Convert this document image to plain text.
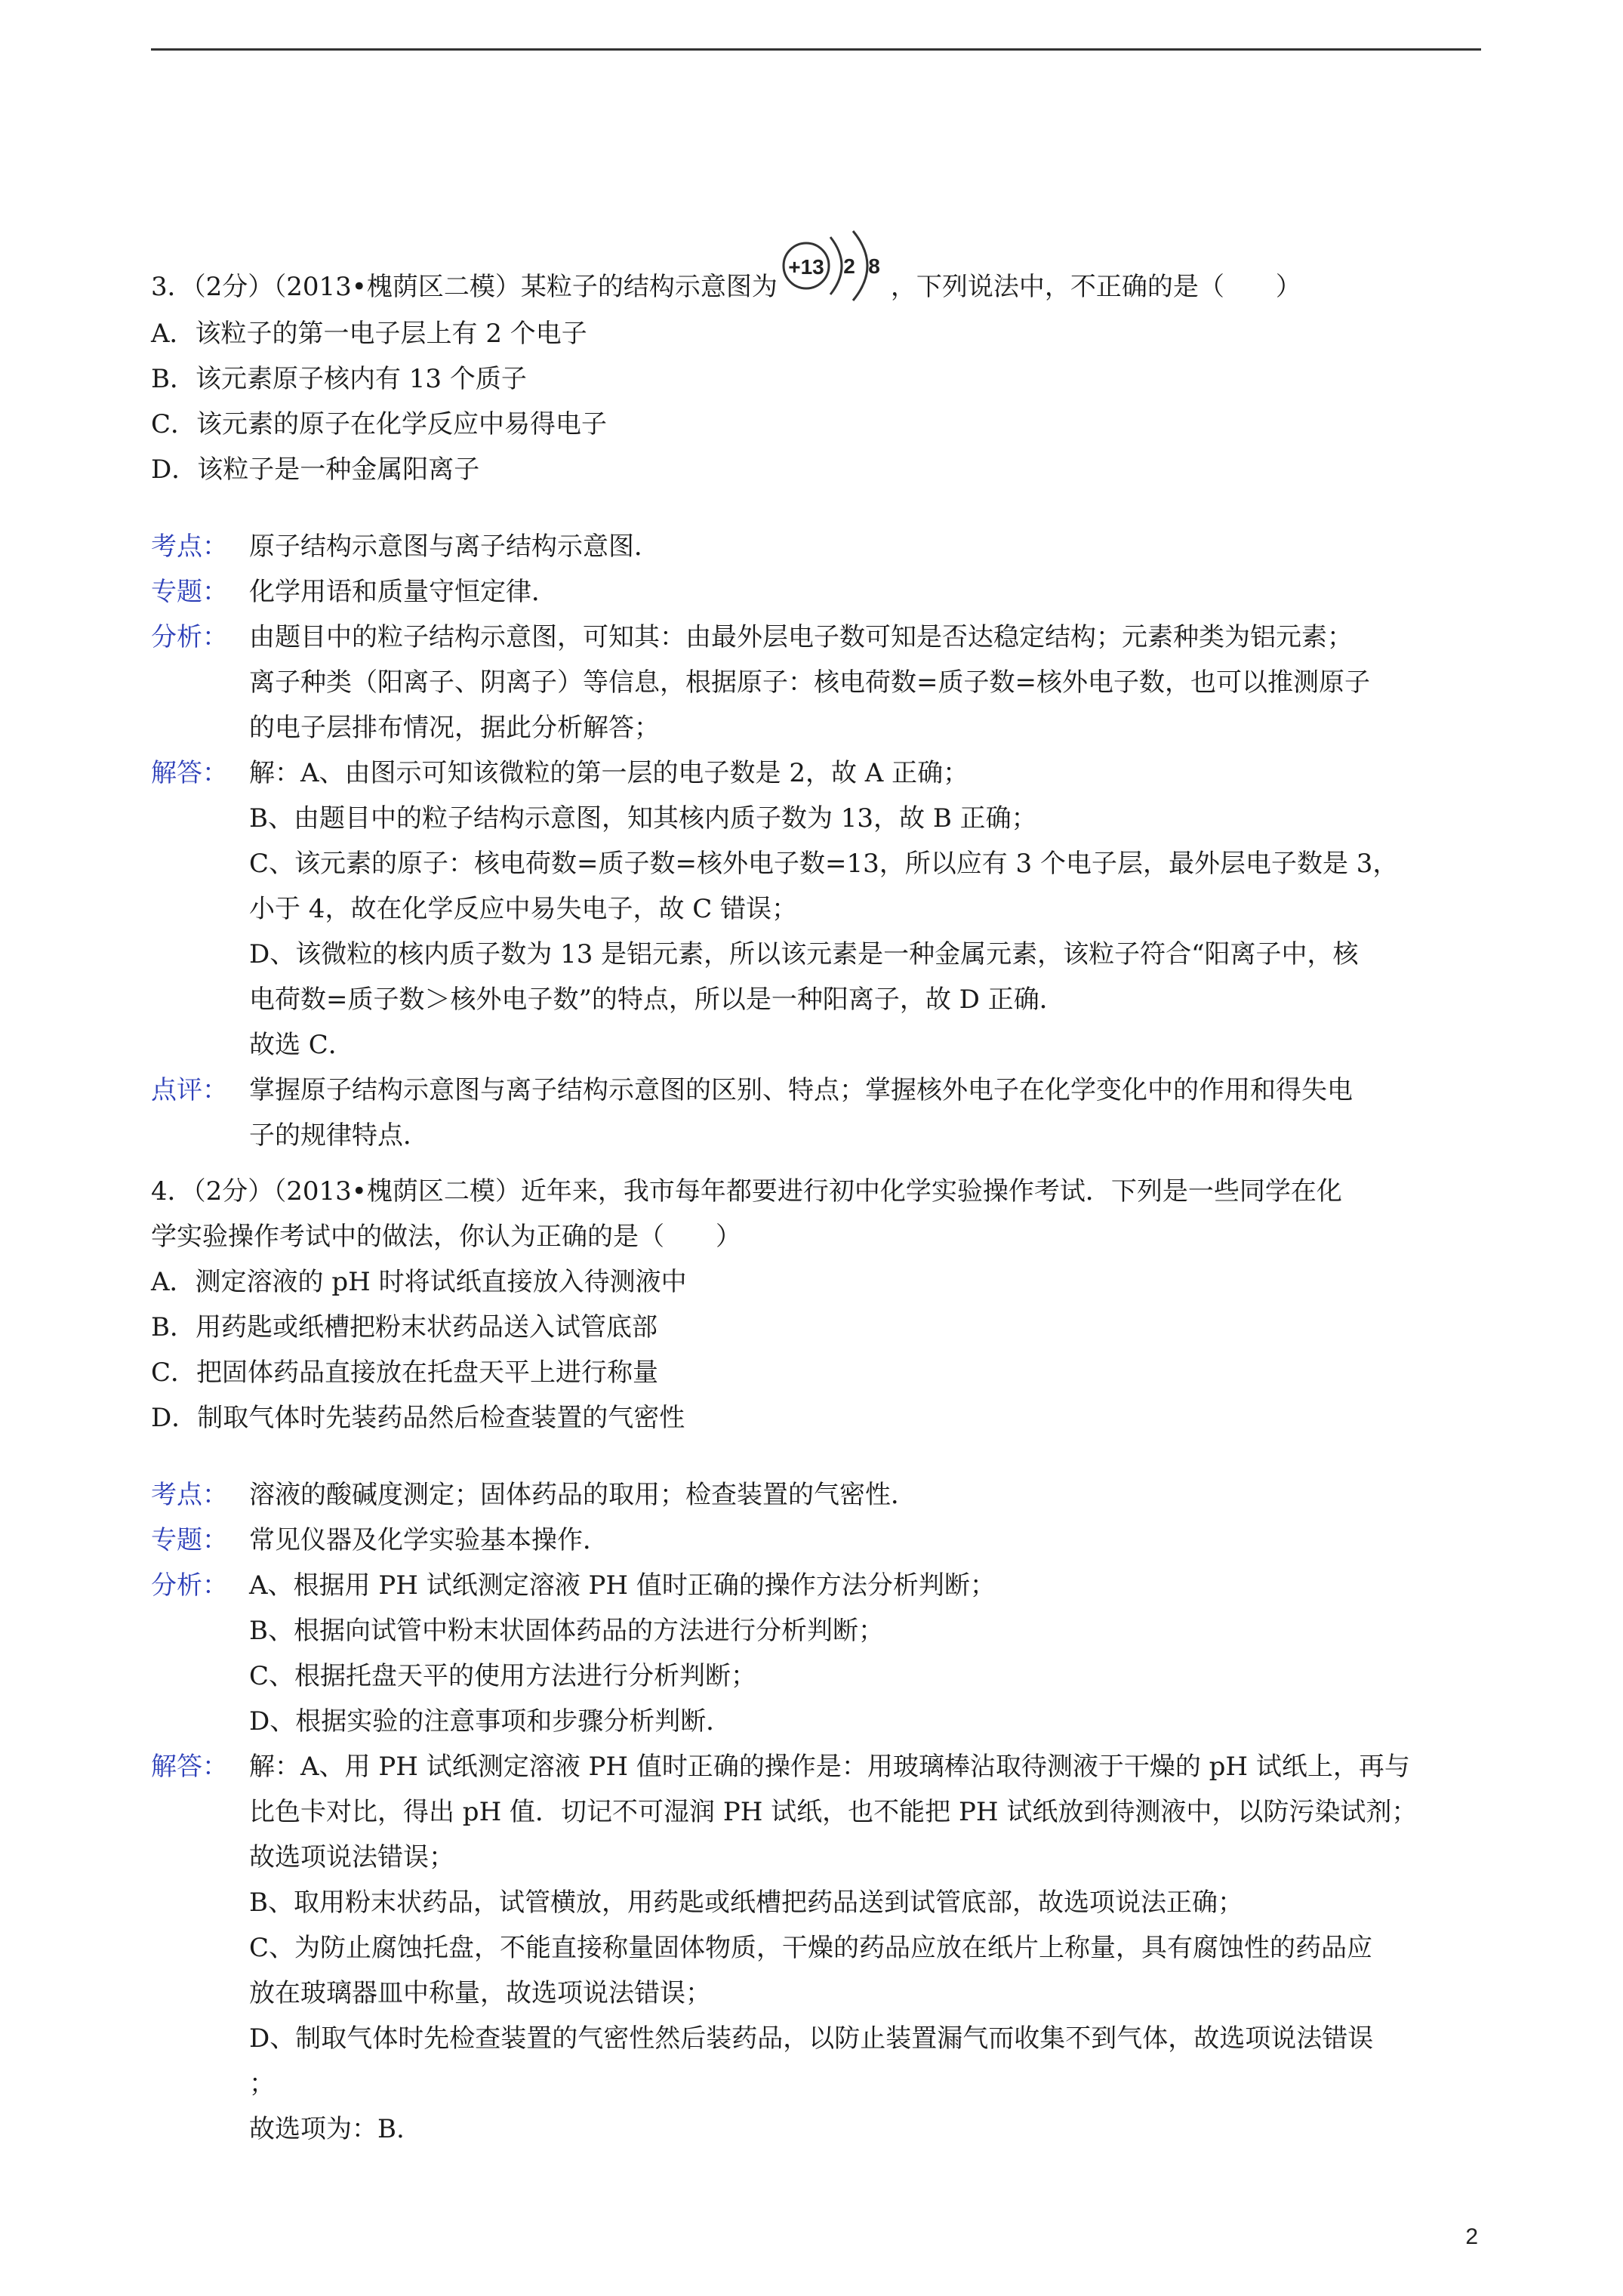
3．（2分）（2013•槐荫区二模）某粒子的结构示意图为
+13 2 8
，下列说法中，不正确的是（　　）
A．该粒子的第一电子层上有 2 个电子
B．该元素原子核内有 13 个质子
C．该元素的原子在化学反应中易得电子
D．该粒子是一种金属阳离子
考点： 原子结构示意图与离子结构示意图．
专题： 化学用语和质量守恒定律．
分析： 由题目中的粒子结构示意图，可知其：由最外层电子数可知是否达稳定结构；元素种类为铝元素；
离子种类（阳离子、阴离子）等信息，根据原子：核电荷数=质子数=核外电子数，也可以推测原子
的电子层排布情况，据此分析解答；
解答： 解：A、由图示可知该微粒的第一层的电子数是 2，故 A 正确；
B、由题目中的粒子结构示意图，知其核内质子数为 13，故 B 正确；
C、该元素的原子：核电荷数=质子数=核外电子数=13，所以应有 3 个电子层，最外层电子数是 3，
小于 4，故在化学反应中易失电子，故 C 错误；
D、该微粒的核内质子数为 13 是铝元素，所以该元素是一种金属元素，该粒子符合“阳离子中，核
电荷数=质子数＞核外电子数”的特点，所以是一种阳离子，故 D 正确．
故选 C．
点评： 掌握原子结构示意图与离子结构示意图的区别、特点；掌握核外电子在化学变化中的作用和得失电
子的规律特点．
4．（2分）（2013•槐荫区二模）近年来，我市每年都要进行初中化学实验操作考试．下列是一些同学在化
学实验操作考试中的做法，你认为正确的是（　　）
A．测定溶液的 pH 时将试纸直接放入待测液中
B．用药匙或纸槽把粉末状药品送入试管底部
C．把固体药品直接放在托盘天平上进行称量
D．制取气体时先装药品然后检查装置的气密性
考点： 溶液的酸碱度测定；固体药品的取用；检查装置的气密性．
专题： 常见仪器及化学实验基本操作．
分析： A、根据用 PH 试纸测定溶液 PH 值时正确的操作方法分析判断；
B、根据向试管中粉末状固体药品的方法进行分析判断；
C、根据托盘天平的使用方法进行分析判断；
D、根据实验的注意事项和步骤分析判断．
解答： 解：A、用 PH 试纸测定溶液 PH 值时正确的操作是：用玻璃棒沾取待测液于干燥的 pH 试纸上，再与
比色卡对比，得出 pH 值．切记不可湿润 PH 试纸，也不能把 PH 试纸放到待测液中，以防污染试剂；
故选项说法错误；
B、取用粉末状药品，试管横放，用药匙或纸槽把药品送到试管底部，故选项说法正确；
C、为防止腐蚀托盘，不能直接称量固体物质，干燥的药品应放在纸片上称量，具有腐蚀性的药品应
放在玻璃器皿中称量，故选项说法错误；
D、制取气体时先检查装置的气密性然后装药品，以防止装置漏气而收集不到气体，故选项说法错误
；
故选项为：B.
2
